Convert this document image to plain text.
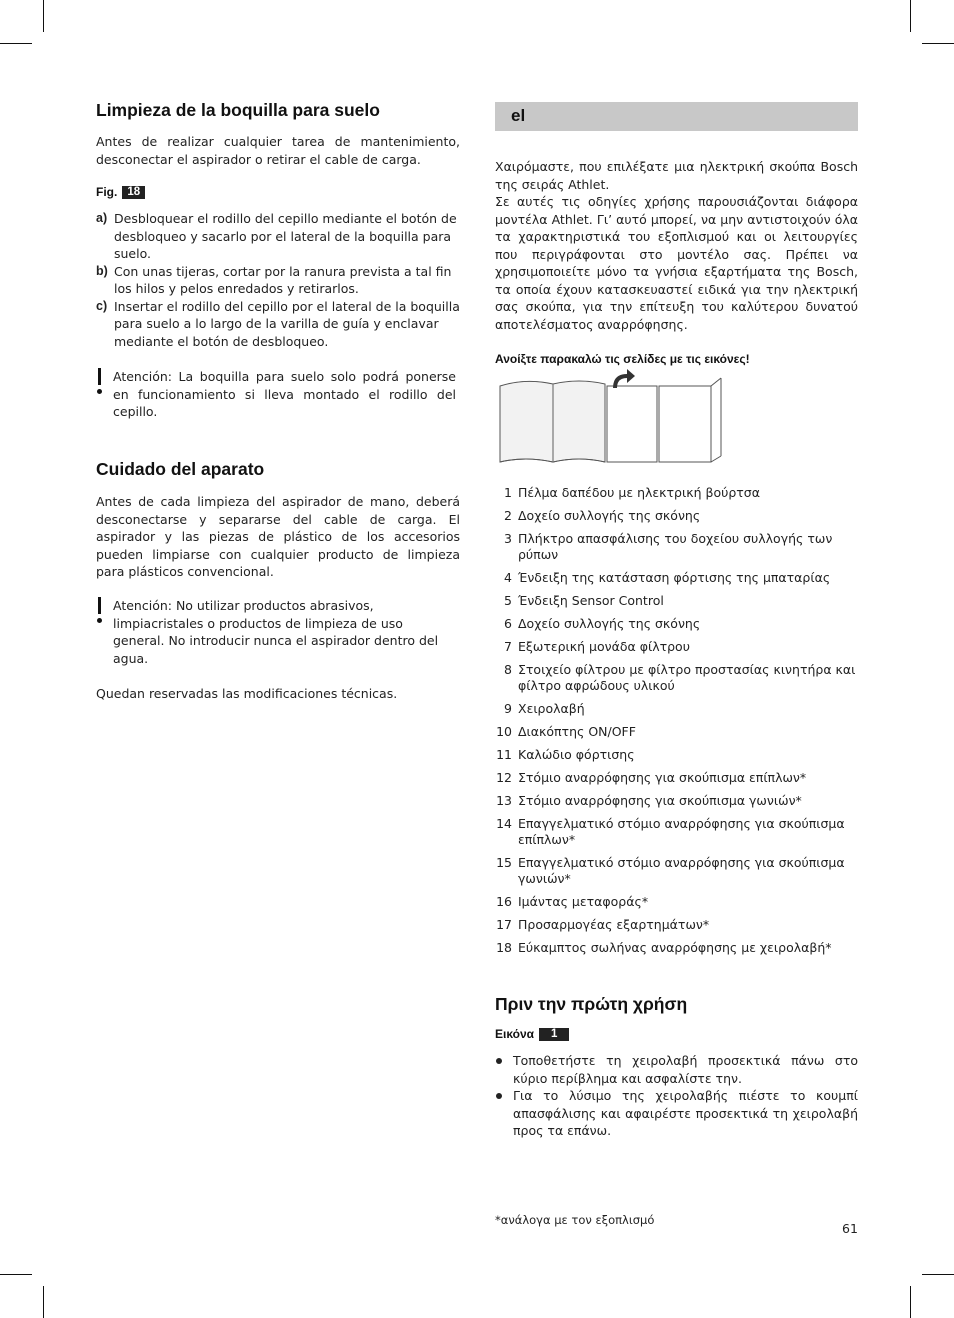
Limpieza de la boquilla para suelo

Antes de realizar cualquier tarea de mantenimiento, desconectar el aspirador o retirar el cable de carga.

Fig. 18
a) Desbloquear el rodillo del cepillo mediante el botón de desbloqueo y sacarlo por el lateral de la boquilla para suelo.
b) Con unas tijeras, cortar por la ranura prevista a tal fin los hilos y pelos enredados y retirarlos.
c) Insertar el rodillo del cepillo por el lateral de la boquilla para suelo a lo largo de la varilla de guía y enclavar mediante el botón de desbloqueo.

Atención: La boquilla para suelo solo podrá ponerse en funcionamiento si lleva montado el rodillo del cepillo.

Cuidado del aparato

Antes de cada limpieza del aspirador de mano, deberá desconectarse y separarse del cable de carga. El aspirador y las piezas de plástico de los accesorios pueden limpiarse con cualquier producto de limpieza para plásticos convencional.

Atención: No utilizar productos abrasivos, limpiacristales o productos de limpieza de uso general. No introducir nunca el aspirador dentro del agua.

Quedan reservadas las modificaciones técnicas.

el

Χαιρόμαστε, που επιλέξατε μια ηλεκτρική σκούπα Bosch της σειράς Athlet.
Σε αυτές τις οδηγίες χρήσης παρουσιάζονται διάφορα μοντέλα Athlet. Γι’ αυτό μπορεί, να μην αντιστοιχούν όλα τα χαρακτηριστικά του εξοπλισμού και οι λειτουργίες που περιγράφονται στο μοντέλο σας. Πρέπει να χρησιμοποιείτε μόνο τα γνήσια εξαρτήματα της Bosch, τα οποία έχουν κατασκευαστεί ειδικά για την ηλεκτρική σας σκούπα, για την επίτευξη του καλύτερου δυνατού αποτελέσματος αναρρόφησης.

Ανοίξτε παρακαλώ τις σελίδες με τις εικόνες!

1 Πέλμα δαπέδου με ηλεκτρική βούρτσα
2 Δοχείο συλλογής της σκόνης
3 Πλήκτρο απασφάλισης του δοχείου συλλογής των ρύπων
4 Ένδειξη της κατάσταση φόρτισης της μπαταρίας
5 Ένδειξη Sensor Control
6 Δοχείο συλλογής της σκόνης
7 Εξωτερική μονάδα φίλτρου
8 Στοιχείο φίλτρου με φίλτρο προστασίας κινητήρα και φίλτρο αφρώδους υλικού
9 Χειρολαβή
10 Διακόπτης ON/OFF
11 Καλώδιο φόρτισης
12 Στόμιο αναρρόφησης για σκούπισμα επίπλων*
13 Στόμιο αναρρόφησης για σκούπισμα γωνιών*
14 Επαγγελματικό στόμιο αναρρόφησης για σκούπισμα επίπλων*
15 Επαγγελματικό στόμιο αναρρόφησης για σκούπισμα γωνιών*
16 Ιμάντας μεταφοράς*
17 Προσαρμογέας εξαρτημάτων*
18 Εύκαμπτος σωλήνας αναρρόφησης με χειρολαβή*
Πριν την πρώτη χρήση
Εικόνα	1
Τοποθετήστε τη χειρολαβή προσεκτικά πάνω στο κύριο περίβλημα και ασφαλίστε την.
Για το λύσιμο της χειρολαβής πιέστε το κουμπί απασφάλισης και αφαιρέστε προσεκτικά τη χειρολαβή προς τα επάνω.

*ανάλογα με τον εξοπλισμό

61
